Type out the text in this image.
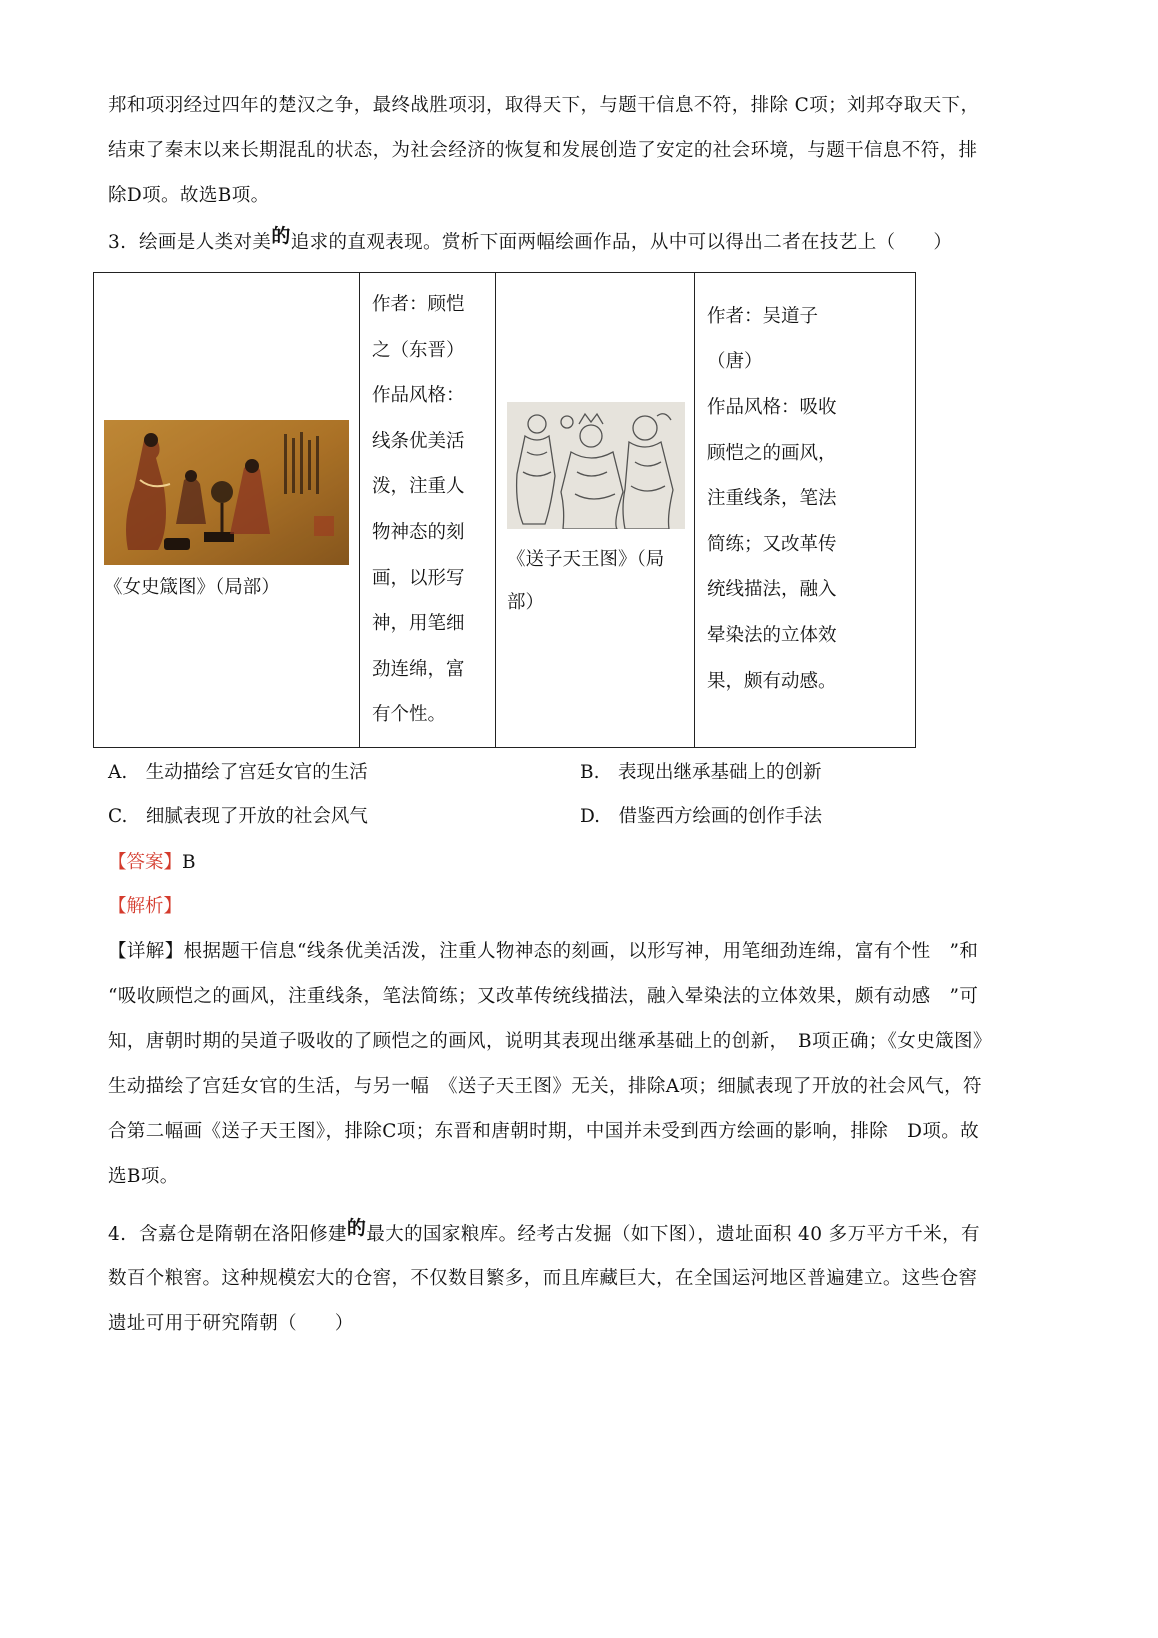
邦和项羽经过四年的楚汉之争，最终战胜项羽，取得天下，与题干信息不符，排除 C项；刘邦夺取天下，
结束了秦末以来长期混乱的状态，为社会经济的恢复和发展创造了安定的社会环境，与题干信息不符，排
除D项。故选B项。
3. 绘画是人类对美的追求的直观表现。赏析下面两幅绘画作品，从中可以得出二者在技艺上（　　）
《女史箴图》（局部）

作者：顾恺
之（东晋）
作品风格：
线条优美活
泼，注重人
物神态的刻
画，以形写
神，用笔细
劲连绵，富
有个性。

《送子天王图》（局
部）

作者：吴道子
（唐）
作品风格：吸收
顾恺之的画风，
注重线条，笔法
简练；又改革传
统线描法，融入
晕染法的立体效
果，颇有动感。
A.　生动描绘了宫廷女官的生活	B.　表现出继承基础上的创新
C.　细腻表现了开放的社会风气	D.　借鉴西方绘画的创作手法
【答案】B
【解析】
【详解】根据题干信息“线条优美活泼，注重人物神态的刻画，以形写神，用笔细劲连绵，富有个性　”和
“吸收顾恺之的画风，注重线条，笔法简练；又改革传统线描法，融入晕染法的立体效果，颇有动感　”可
知，唐朝时期的吴道子吸收的了顾恺之的画风，说明其表现出继承基础上的创新，　B项正确；《女史箴图》
生动描绘了宫廷女官的生活，与另一幅　《送子天王图》无关，排除A项；细腻表现了开放的社会风气，符
合第二幅画《送子天王图》，排除C项；东晋和唐朝时期，中国并未受到西方绘画的影响，排除　D项。故
选B项。
4. 含嘉仓是隋朝在洛阳修建的最大的国家粮库。经考古发掘（如下图），遗址面积 40 多万平方千米，有
数百个粮窖。这种规模宏大的仓窖，不仅数目繁多，而且库藏巨大，在全国运河地区普遍建立。这些仓窖
遗址可用于研究隋朝（　　）
